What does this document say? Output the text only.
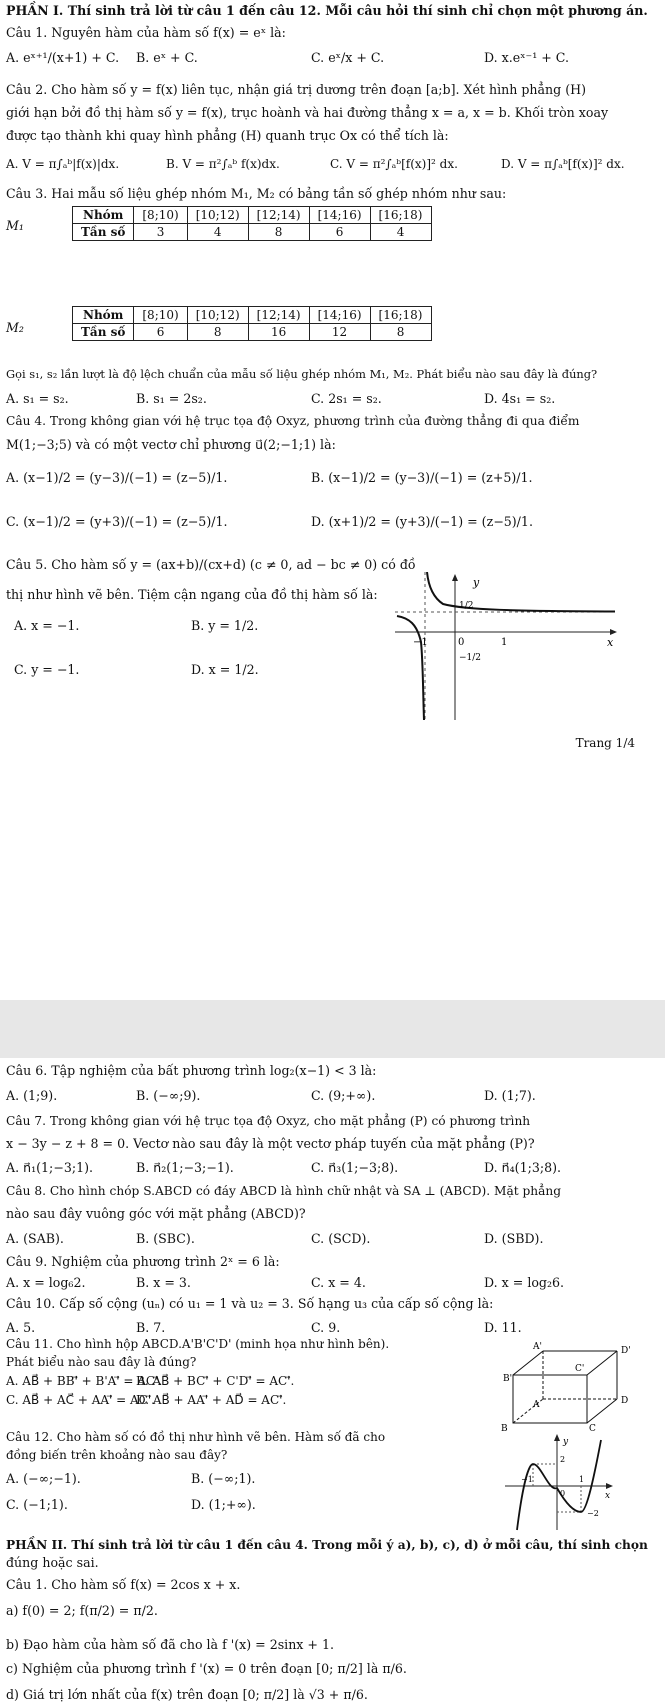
PHẦN I. Thí sinh trả lời từ câu 1 đến câu 12. Mỗi câu hỏi thí sinh chỉ chọn một phương án.
Câu 1. Nguyên hàm của hàm số f(x) = eˣ là:
A. eˣ⁺¹/(x+1) + C. B. eˣ + C.	C. eˣ/x + C.	D. x.eˣ⁻¹ + C.
Câu 2. Cho hàm số y = f(x) liên tục, nhận giá trị dương trên đoạn [a;b]. Xét hình phẳng (H)
giới hạn bởi đồ thị hàm số y = f(x), trục hoành và hai đường thẳng x = a, x = b. Khối tròn xoay
được tạo thành khi quay hình phẳng (H) quanh trục Ox có thể tích là:
A. V = π∫ₐᵇ|f(x)|dx.	B. V = π²∫ₐᵇ f(x)dx.	C. V = π²∫ₐᵇ[f(x)]² dx.	D. V = π∫ₐᵇ[f(x)]² dx.
Câu 3. Hai mẫu số liệu ghép nhóm M₁, M₂ có bảng tần số ghép nhóm như sau:
M₁
Nhóm	[8;10)	[10;12)	[12;14)	[14;16)	[16;18)
Tần số	3	4	8	6	4
M₂
Nhóm	[8;10)	[10;12)	[12;14)	[14;16)	[16;18)
Tần số	6	8	16	12	8
Gọi s₁, s₂ lần lượt là độ lệch chuẩn của mẫu số liệu ghép nhóm M₁, M₂. Phát biểu nào sau đây là đúng?
A. s₁ = s₂.	B. s₁ = 2s₂.	C. 2s₁ = s₂.	D. 4s₁ = s₂.
Câu 4. Trong không gian với hệ trục tọa độ Oxyz, phương trình của đường thẳng đi qua điểm
M(1;−3;5) và có một vectơ chỉ phương u⃗(2;−1;1) là:
A. (x−1)/2 = (y−3)/(−1) = (z−5)/1.	B. (x−1)/2 = (y−3)/(−1) = (z+5)/1.
C. (x−1)/2 = (y+3)/(−1) = (z−5)/1.	D. (x+1)/2 = (y+3)/(−1) = (z−5)/1.
Câu 5. Cho hàm số y = (ax+b)/(cx+d) (c ≠ 0, ad − bc ≠ 0) có đồ
thị như hình vẽ bên. Tiệm cận ngang của đồ thị hàm số là:
A. x = −1.	B. y = 1/2.
C. y = −1.	D. x = 1/2.
y
x
0
−1	1
1/2
−1/2
Trang 1/4
Câu 6. Tập nghiệm của bất phương trình log₂(x−1) < 3 là:
A. (1;9).	B. (−∞;9).	C. (9;+∞).	D. (1;7).
Câu 7. Trong không gian với hệ trục tọa độ Oxyz, cho mặt phẳng (P) có phương trình
x − 3y − z + 8 = 0. Vectơ nào sau đây là một vectơ pháp tuyến của mặt phẳng (P)?
A. n⃗₁(1;−3;1).	B. n⃗₂(1;−3;−1).	C. n⃗₃(1;−3;8).	D. n⃗₄(1;3;8).
Câu 8. Cho hình chóp S.ABCD có đáy ABCD là hình chữ nhật và SA ⊥ (ABCD). Mặt phẳng
nào sau đây vuông góc với mặt phẳng (ABCD)?
A. (SAB).	B. (SBC).	C. (SCD).	D. (SBD).
Câu 9. Nghiệm của phương trình 2ˣ = 6 là:
A. x = log₆2.	B. x = 3.	C. x = 4.	D. x = log₂6.
Câu 10. Cấp số cộng (uₙ) có u₁ = 1 và u₂ = 3. Số hạng u₃ của cấp số cộng là:
A. 5.	B. 7.	C. 9.	D. 11.
Câu 11. Cho hình hộp ABCD.A'B'C'D' (minh họa như hình bên).
Phát biểu nào sau đây là đúng?
A. AB⃗ + BB'⃗ + B'A'⃗ = AC'⃗.
B. AB⃗ + BC'⃗ + C'D'⃗ = AC'⃗.
C. AB⃗ + AC⃗ + AA'⃗ = AC'⃗.
D. AB⃗ + AA'⃗ + AD⃗ = AC'⃗.
B	C
B'
C'
D'
A'
A	D
Câu 12. Cho hàm số có đồ thị như hình vẽ bên. Hàm số đã cho
đồng biến trên khoảng nào sau đây?
A. (−∞;−1).	B. (−∞;1).
C. (−1;1).	D. (1;+∞).
y
x
0
−1	1
2
−2
PHẦN II. Thí sinh trả lời từ câu 1 đến câu 4. Trong mỗi ý a), b), c), d) ở mỗi câu, thí sinh chọn
đúng hoặc sai.
Câu 1. Cho hàm số f(x) = 2cos x + x.
a) f(0) = 2; f(π/2) = π/2.
b) Đạo hàm của hàm số đã cho là f '(x) = 2sinx + 1.
c) Nghiệm của phương trình f '(x) = 0 trên đoạn [0; π/2] là π/6.
d) Giá trị lớn nhất của f(x) trên đoạn [0; π/2] là √3 + π/6.
